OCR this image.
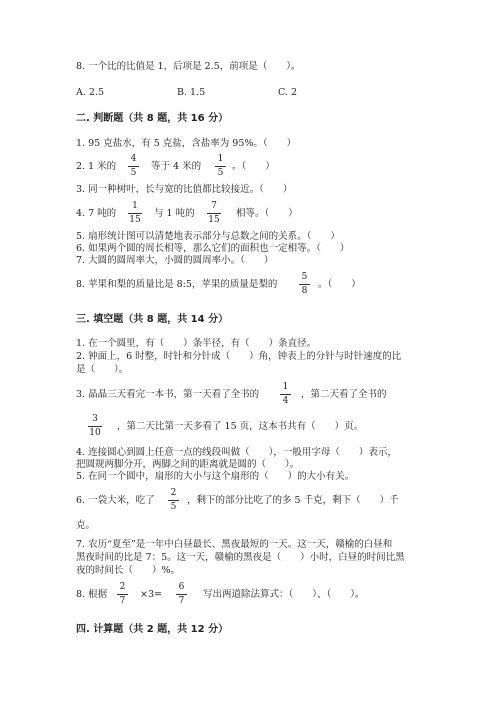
8. 一个比的比值是 1，后项是 2.5，前项是（　　）。
A. 2.5	B. 1.5	C. 2
二. 判断题（共 8 题，共 16 分）
1. 95 克盐水，有 5 克盐，含盐率为 95%。（　　）
2. 1 米的
4
5
等于 4 米的
1
5
。（　　）
3. 同一种树叶，长与宽的比值都比较接近。（　　）
4. 7 吨的
1
15
与 1 吨的
7
15
相等。（　　）
5. 扇形统计图可以清楚地表示部分与总数之间的关系。（　　）
6. 如果两个圆的周长相等，那么它们的面积也一定相等。（　　）
7. 大圆的圆周率大，小圆的圆周率小。（　　）
8. 苹果和梨的质量比是 8:5，苹果的质量是梨的
5
8
。（　　）
三. 填空题（共 8 题，共 14 分）
1. 在一个圆里，有（　　）条半径，有（　　）条直径。
2. 钟面上，6 时整，时针和分针成（　　）角，钟表上的分针与时针速度的比
是（　　）。
3. 晶晶三天看完一本书，第一天看了全书的
1
4
，第二天看了全书的
3
10
，第二天比第一天多看了 15 页，这本书共有（　　）页。
4. 连接圆心到圆上任意一点的线段叫做（　　），一般用字母（　　）表示，
把圆规两脚分开，两脚之间的距离就是圆的（　　）。
5. 在同一个圆中，扇形的大小与这个扇形的（　　）的大小有关。
6. 一袋大米，吃了
2
5
，剩下的部分比吃了的多 5 千克，剩下（　　）千
克。
7. 农历“夏至”是一年中白昼最长、黑夜最短的一天。这一天，赣榆的白昼和
黑夜时间的比是 7：5。这一天，赣榆的黑夜是（　　）小时，白昼的时间比黑
夜的时间长（　　）%。
8. 根据
2
7
×3=
6
7
写出两道除法算式：（　　）、（　　）。
四. 计算题（共 2 题，共 12 分）
